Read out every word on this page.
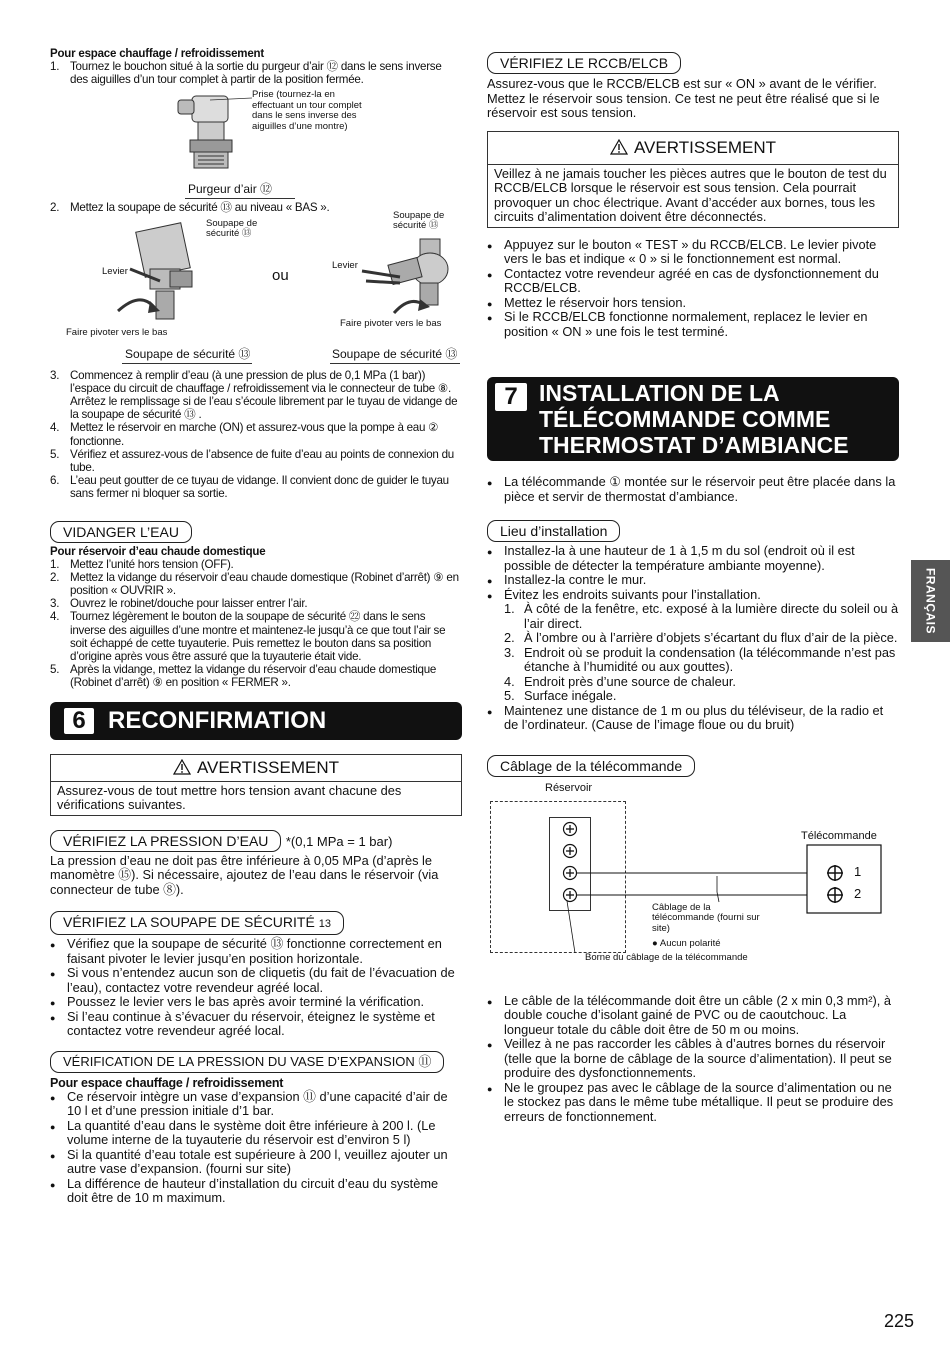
Pour espace chauffage / refroidissement
1. Tournez le bouchon situé à la sortie du purgeur d’air ⑫ dans le sens inverse des aiguilles d’un tour complet à partir de la position fermée.
Prise (tournez-la en effectuant un tour complet dans le sens inverse des aiguilles d’une montre)
Purgeur d’air ⑫
2. Mettez la soupape de sécurité ⑬ au niveau « BAS ».
Soupape de sécurité ⑬
Levier
Faire pivoter vers le bas
Soupape de sécurité ⑬
ou
Soupape de sécurité ⑬
Levier
Faire pivoter vers le bas
Soupape de sécurité ⑬
3. Commencez à remplir d’eau (à une pression de plus de 0,1 MPa (1 bar)) l’espace du circuit de chauffage / refroidissement via le connecteur de tube ⑧. Arrêtez le remplissage si de l’eau s’écoule librement par le tuyau de vidange de la soupape de sécurité ⑬ .
4. Mettez le réservoir en marche (ON) et assurez-vous que la pompe à eau ② fonctionne.
5. Vérifiez et assurez-vous de l’absence de fuite d’eau au points de connexion du tube.
6. L’eau peut goutter de ce tuyau de vidange. Il convient donc de guider le tuyau sans fermer ni bloquer sa sortie.
VIDANGER L’EAU
Pour réservoir d’eau chaude domestique
1. Mettez l’unité hors tension (OFF).
2. Mettez la vidange du réservoir d’eau chaude domestique (Robinet d’arrêt) ⑨ en position « OUVRIR ».
3. Ouvrez le robinet/douche pour laisser entrer l’air.
4. Tournez légèrement le bouton de la soupape de sécurité ㉒ dans le sens inverse des aiguilles d’une montre et maintenez-le jusqu’à ce que tout l’air se soit échappé de cette tuyauterie. Puis remettez le bouton dans sa position d’origine après vous être assuré que la tuyauterie était vide.
5. Après la vidange, mettez la vidange du réservoir d’eau chaude domestique (Robinet d’arrêt) ⑨ en position « FERMER ».
6 RECONFIRMATION
AVERTISSEMENT
Assurez-vous de tout mettre hors tension avant chacune des vérifications suivantes.
VÉRIFIEZ LA PRESSION D’EAU *(0,1 MPa = 1 bar)
La pression d’eau ne doit pas être inférieure à 0,05 MPa (d’après le manomètre ⑮). Si nécessaire, ajoutez de l’eau dans le réservoir (via connecteur de tube ⑧).
VÉRIFIEZ LA SOUPAPE DE SÉCURITÉ 13
● Vérifiez que la soupape de sécurité ⑬ fonctionne correctement en faisant pivoter le levier jusqu’en position horizontale.
● Si vous n’entendez aucun son de cliquetis (du fait de l’évacuation de l’eau), contactez votre revendeur agréé local.
● Poussez le levier vers le bas après avoir terminé la vérification.
● Si l’eau continue à s’évacuer du réservoir, éteignez le système et contactez votre revendeur agréé local.
VÉRIFICATION DE LA PRESSION DU VASE D’EXPANSION ⑪
Pour espace chauffage / refroidissement
● Ce réservoir intègre un vase d’expansion ⑪ d’une capacité d’air de 10 l et d’une pression initiale d’1 bar.
● La quantité d’eau dans le système doit être inférieure à 200 l. (Le volume interne de la tuyauterie du réservoir est d’environ 5 l)
● Si la quantité d’eau totale est supérieure à 200 l, veuillez ajouter un autre vase d’expansion. (fourni sur site)
● La différence de hauteur d’installation du circuit d’eau du système doit être de 10 m maximum.
VÉRIFIEZ LE RCCB/ELCB
Assurez-vous que le RCCB/ELCB est sur « ON » avant de le vérifier. Mettez le réservoir sous tension. Ce test ne peut être réalisé que si le réservoir est sous tension.
AVERTISSEMENT
Veillez à ne jamais toucher les pièces autres que le bouton de test du RCCB/ELCB lorsque le réservoir est sous tension. Cela pourrait provoquer un choc électrique. Avant d’accéder aux bornes, tous les circuits d’alimentation doivent être déconnectés.
● Appuyez sur le bouton « TEST » du RCCB/ELCB. Le levier pivote vers le bas et indique « 0 » si le fonctionnement est normal.
● Contactez votre revendeur agréé en cas de dysfonctionnement du RCCB/ELCB.
● Mettez le réservoir hors tension.
● Si le RCCB/ELCB fonctionne normalement, replacez le levier en position « ON » une fois le test terminé.
7 INSTALLATION DE LA TÉLÉCOMMANDE COMME THERMOSTAT D’AMBIANCE
● La télécommande ① montée sur le réservoir peut être placée dans la pièce et servir de thermostat d’ambiance.
Lieu d’installation
● Installez-la à une hauteur de 1 à 1,5 m du sol (endroit où il est possible de détecter la température ambiante moyenne).
● Installez-la contre le mur.
● Évitez les endroits suivants pour l’installation.
1. À côté de la fenêtre, etc. exposé à la lumière directe du soleil ou à l’air direct.
2. À l’ombre ou à l’arrière d’objets s’écartant du flux d’air de la pièce.
3. Endroit où se produit la condensation (la télécommande n’est pas étanche à l’humidité ou aux gouttes).
4. Endroit près d’une source de chaleur.
5. Surface inégale.
● Maintenez une distance de 1 m ou plus du téléviseur, de la radio et de l’ordinateur. (Cause de l’image floue ou du bruit)
Câblage de la télécommande
Réservoir
Télécommande
1
2
Câblage de la télécommande (fourni sur site)
● Aucun polarité
Borne du câblage de la télécommande
● Le câble de la télécommande doit être un câble (2 x min 0,3 mm²), à double couche d’isolant gainé de PVC ou de caoutchouc. La longueur totale du câble doit être de 50 m ou moins.
● Veillez à ne pas raccorder les câbles à d’autres bornes du réservoir (telle que la borne de câblage de la source d’alimentation). Il peut se produire des dysfonctionnements.
● Ne le groupez pas avec le câblage de la source d’alimentation ou ne le stockez pas dans le même tube métallique. Il peut se produire des erreurs de fonctionnement.
FRANÇAIS
225
